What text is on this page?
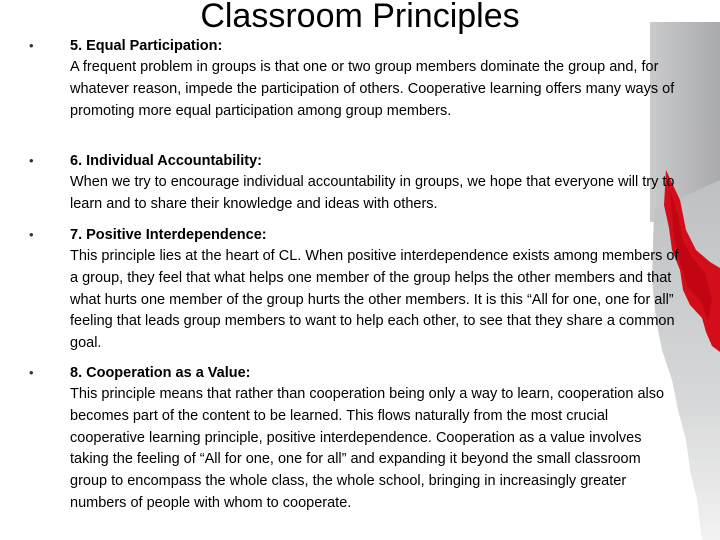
Classroom Principles
•	5. Equal Participation:
A frequent problem in groups is that one or two group members dominate the group and, for whatever reason, impede the participation of others. Cooperative learning offers many ways of promoting more equal participation among group members.
•	6. Individual Accountability:
When we try to encourage individual accountability in groups, we hope that everyone will try to learn and to share their knowledge and ideas with others.
•	7. Positive Interdependence:
This principle lies at the heart of CL. When positive interdependence exists among members of a group, they feel that what helps one member of the group helps the other members and that what hurts one member of the group hurts the other members. It is this “All for one, one for all” feeling that leads group members to want to help each other, to see that they share a common goal.
•	8. Cooperation as a Value:
This principle means that rather than cooperation being only a way to learn, cooperation also becomes part of the content to be learned. This flows naturally from the most crucial cooperative learning principle, positive interdependence. Cooperation as a value involves taking the feeling of “All for one, one for all” and expanding it beyond the small classroom group to encompass the whole class, the whole school, bringing in increasingly greater numbers of people with whom to cooperate.
